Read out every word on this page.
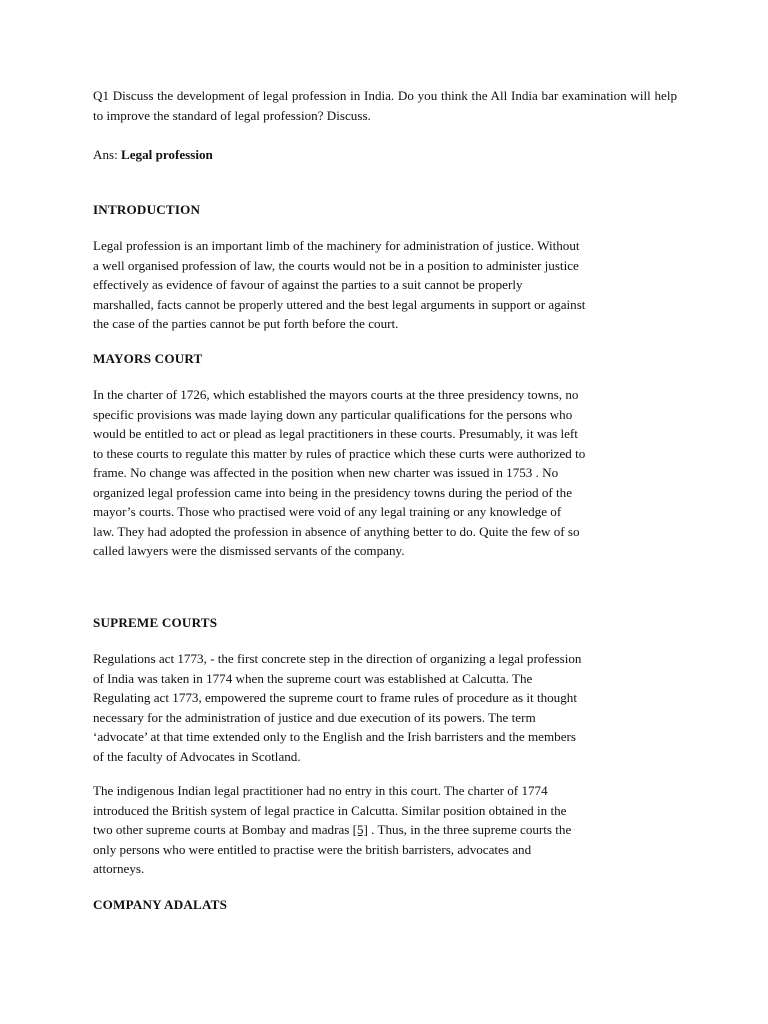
Q1 Discuss the development of legal profession in India. Do you think the All India bar examination will help to improve the standard of legal profession? Discuss.

Ans: Legal profession

INTRODUCTION

Legal profession is an important limb of the machinery for administration of justice. Without
a well organised profession of law, the courts would not be in a position to administer justice
effectively as evidence of favour of against the parties to a suit cannot be properly
marshalled, facts cannot be properly uttered and the best legal arguments in support or against
the case of the parties cannot be put forth before the court.

MAYORS COURT

In the charter of 1726, which established the mayors courts at the three presidency towns, no
specific provisions was made laying down any particular qualifications for the persons who
would be entitled to act or plead as legal practitioners in these courts. Presumably, it was left
to these courts to regulate this matter by rules of practice which these curts were authorized to
frame. No change was affected in the position when new charter was issued in 1753 . No
organized legal profession came into being in the presidency towns during the period of the
mayor’s courts. Those who practised were void of any legal training or any knowledge of
law. They had adopted the profession in absence of anything better to do. Quite the few of so
called lawyers were the dismissed servants of the company.

SUPREME COURTS

Regulations act 1773, - the first concrete step in the direction of organizing a legal profession
of India was taken in 1774 when the supreme court was established at Calcutta. The
Regulating act 1773, empowered the supreme court to frame rules of procedure as it thought
necessary for the administration of justice and due execution of its powers. The term
‘advocate’ at that time extended only to the English and the Irish barristers and the members
of the faculty of Advocates in Scotland.
The indigenous Indian legal practitioner had no entry in this court. The charter of 1774
introduced the British system of legal practice in Calcutta. Similar position obtained in the
two other supreme courts at Bombay and madras [5] . Thus, in the three supreme courts the
only persons who were entitled to practise were the british barristers, advocates and
attorneys.

COMPANY ADALATS
